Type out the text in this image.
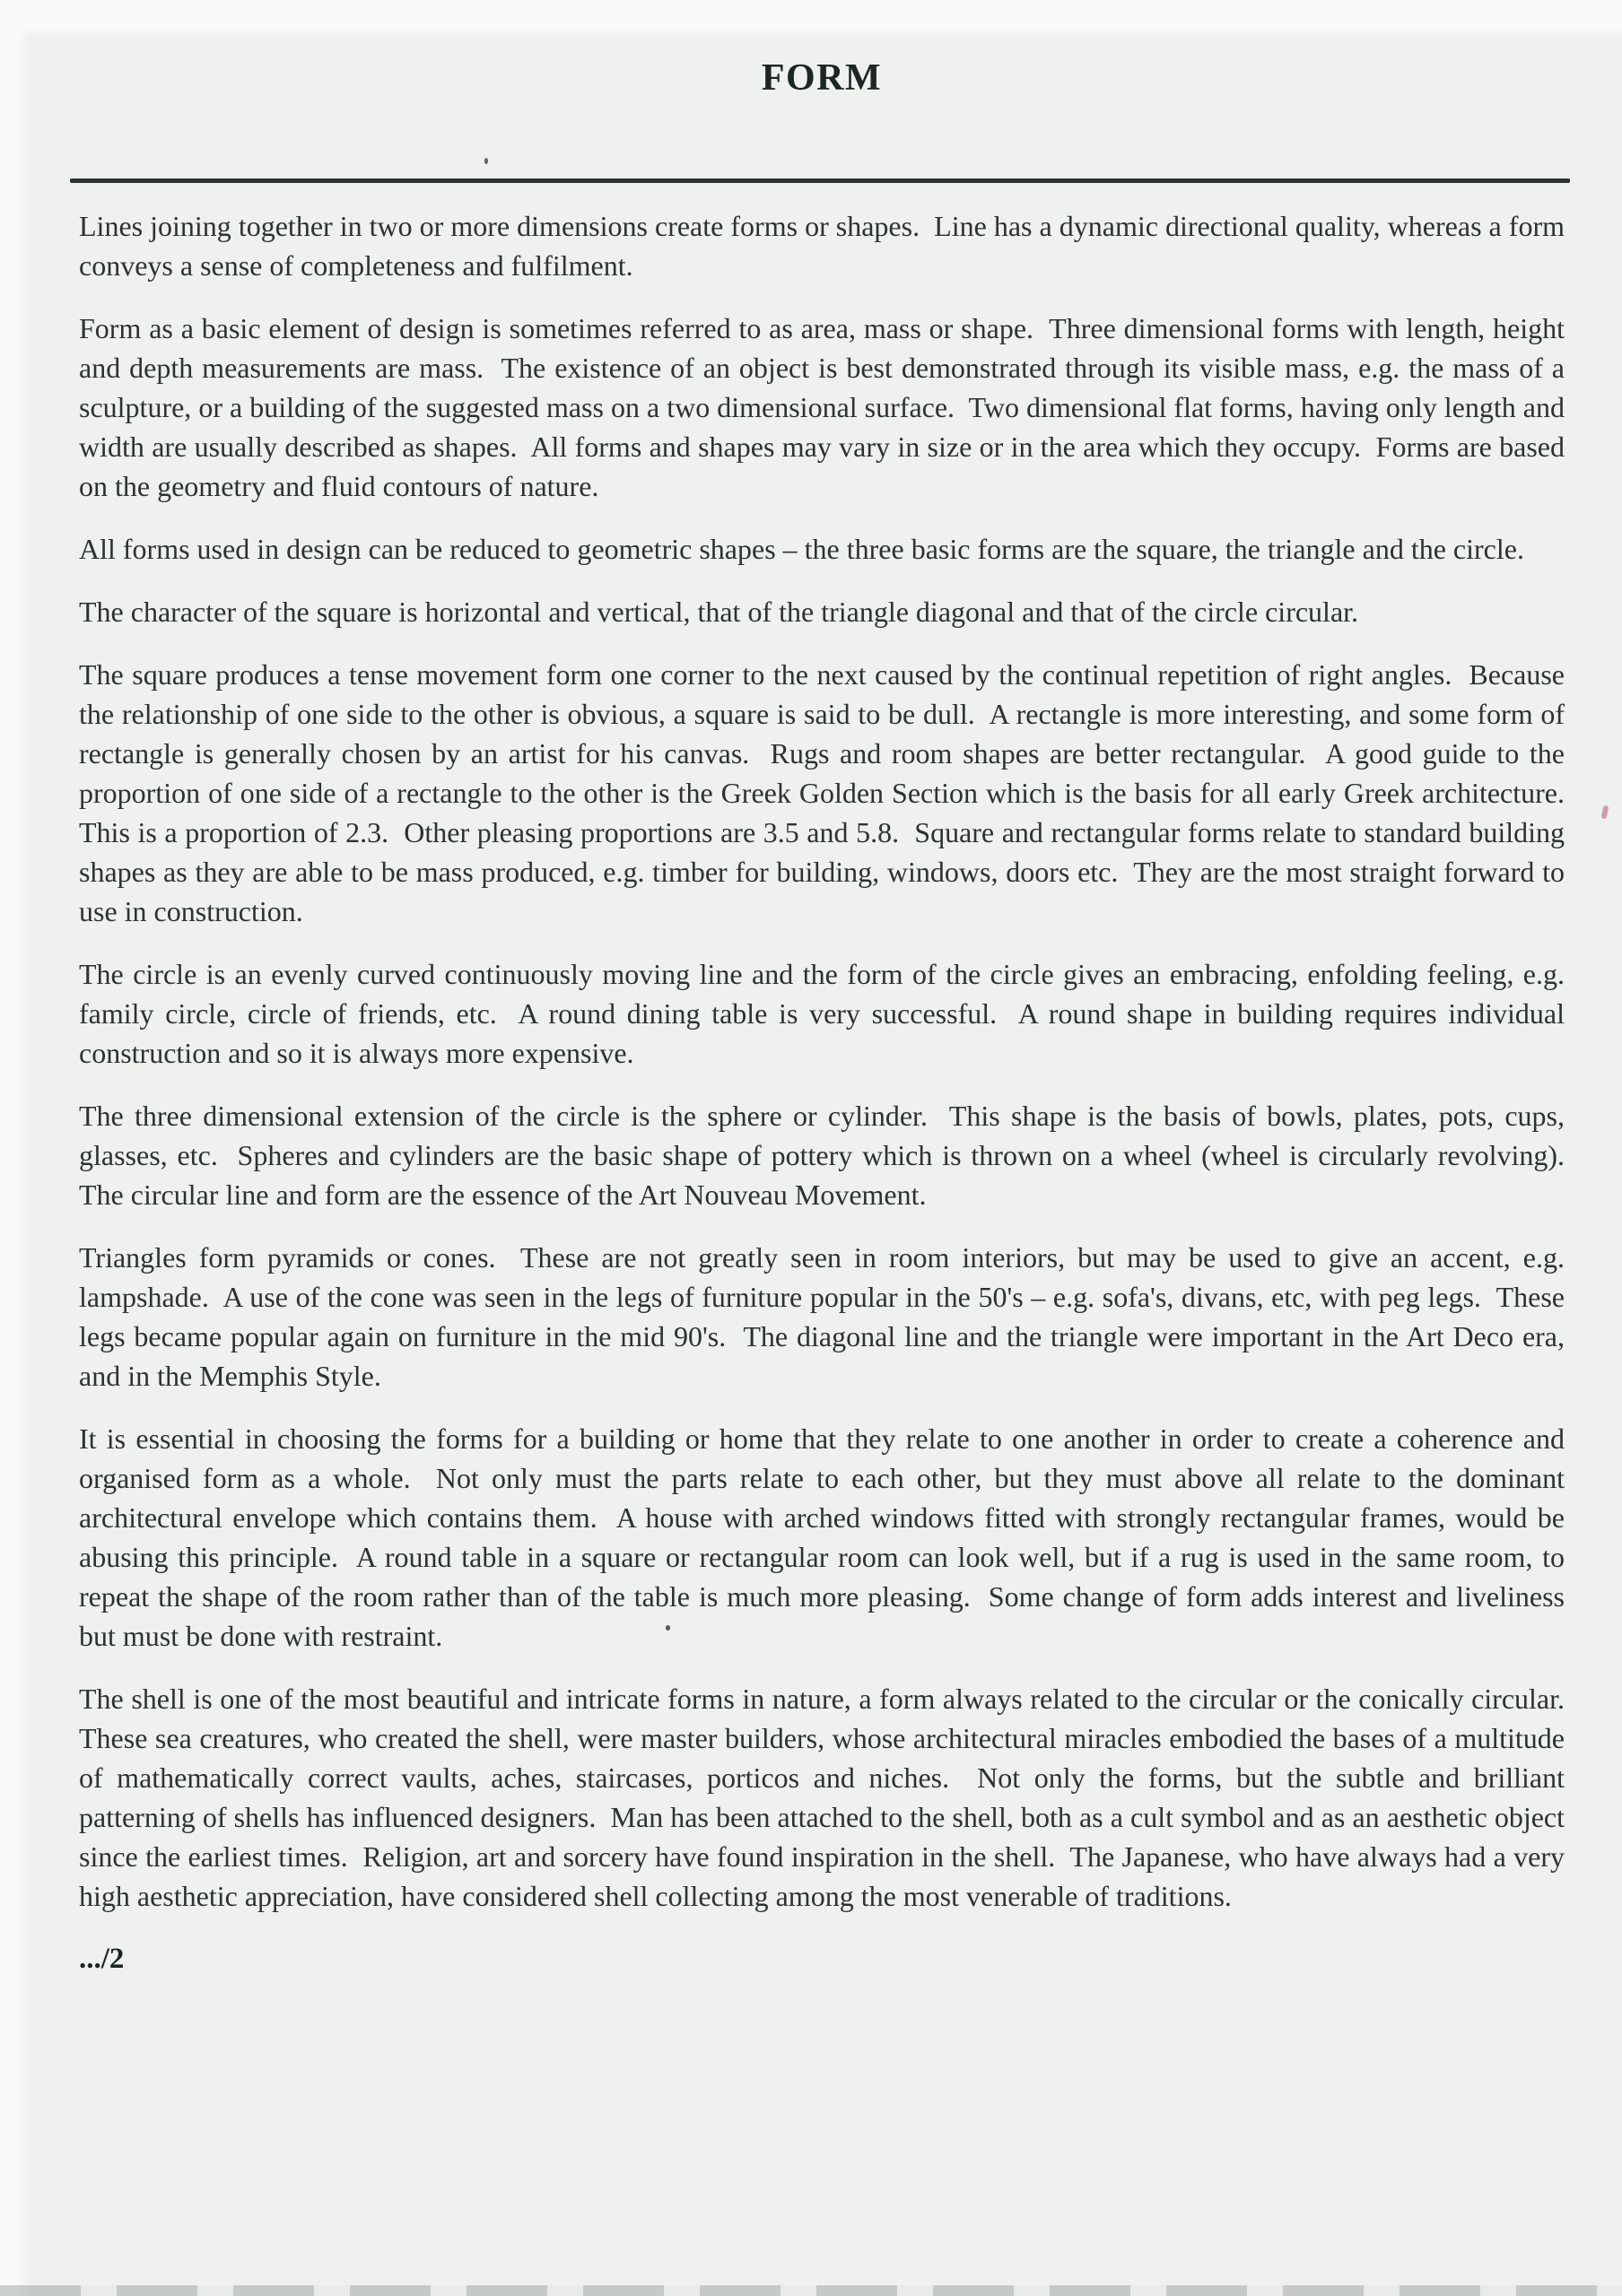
FORM

Lines joining together in two or more dimensions create forms or shapes.  Line has a dynamic directional quality, whereas a form conveys a sense of completeness and fulfilment.

Form as a basic element of design is sometimes referred to as area, mass or shape.  Three dimensional forms with length, height and depth measurements are mass.  The existence of an object is best demonstrated through its visible mass, e.g. the mass of a sculpture, or a building of the suggested mass on a two dimensional surface.  Two dimensional flat forms, having only length and width are usually described as shapes.  All forms and shapes may vary in size or in the area which they occupy.  Forms are based on the geometry and fluid contours of nature.

All forms used in design can be reduced to geometric shapes – the three basic forms are the square, the triangle and the circle.

The character of the square is horizontal and vertical, that of the triangle diagonal and that of the circle circular.

The square produces a tense movement form one corner to the next caused by the continual repetition of right angles.  Because the relationship of one side to the other is obvious, a square is said to be dull.  A rectangle is more interesting, and some form of rectangle is generally chosen by an artist for his canvas.  Rugs and room shapes are better rectangular.  A good guide to the proportion of one side of a rectangle to the other is the Greek Golden Section which is the basis for all early Greek architecture.  This is a proportion of 2.3.  Other pleasing proportions are 3.5 and 5.8.  Square and rectangular forms relate to standard building shapes as they are able to be mass produced, e.g. timber for building, windows, doors etc.  They are the most straight forward to use in construction.

The circle is an evenly curved continuously moving line and the form of the circle gives an embracing, enfolding feeling, e.g. family circle, circle of friends, etc.  A round dining table is very successful.  A round shape in building requires individual construction and so it is always more expensive.

The three dimensional extension of the circle is the sphere or cylinder.  This shape is the basis of bowls, plates, pots, cups, glasses, etc.  Spheres and cylinders are the basic shape of pottery which is thrown on a wheel (wheel is circularly revolving).  The circular line and form are the essence of the Art Nouveau Movement.

Triangles form pyramids or cones.  These are not greatly seen in room interiors, but may be used to give an accent, e.g. lampshade.  A use of the cone was seen in the legs of furniture popular in the 50's – e.g. sofa's, divans, etc, with peg legs.  These legs became popular again on furniture in the mid 90's.  The diagonal line and the triangle were important in the Art Deco era, and in the Memphis Style.

It is essential in choosing the forms for a building or home that they relate to one another in order to create a coherence and organised form as a whole.  Not only must the parts relate to each other, but they must above all relate to the dominant architectural envelope which contains them.  A house with arched windows fitted with strongly rectangular frames, would be abusing this principle.  A round table in a square or rectangular room can look well, but if a rug is used in the same room, to repeat the shape of the room rather than of the table is much more pleasing.  Some change of form adds interest and liveliness but must be done with restraint.

The shell is one of the most beautiful and intricate forms in nature, a form always related to the circular or the conically circular.  These sea creatures, who created the shell, were master builders, whose architectural miracles embodied the bases of a multitude of mathematically correct vaults, aches, staircases, porticos and niches.  Not only the forms, but the subtle and brilliant patterning of shells has influenced designers.  Man has been attached to the shell, both as a cult symbol and as an aesthetic object since the earliest times.  Religion, art and sorcery have found inspiration in the shell.  The Japanese, who have always had a very high aesthetic appreciation, have considered shell collecting among the most venerable of traditions.

.../2
